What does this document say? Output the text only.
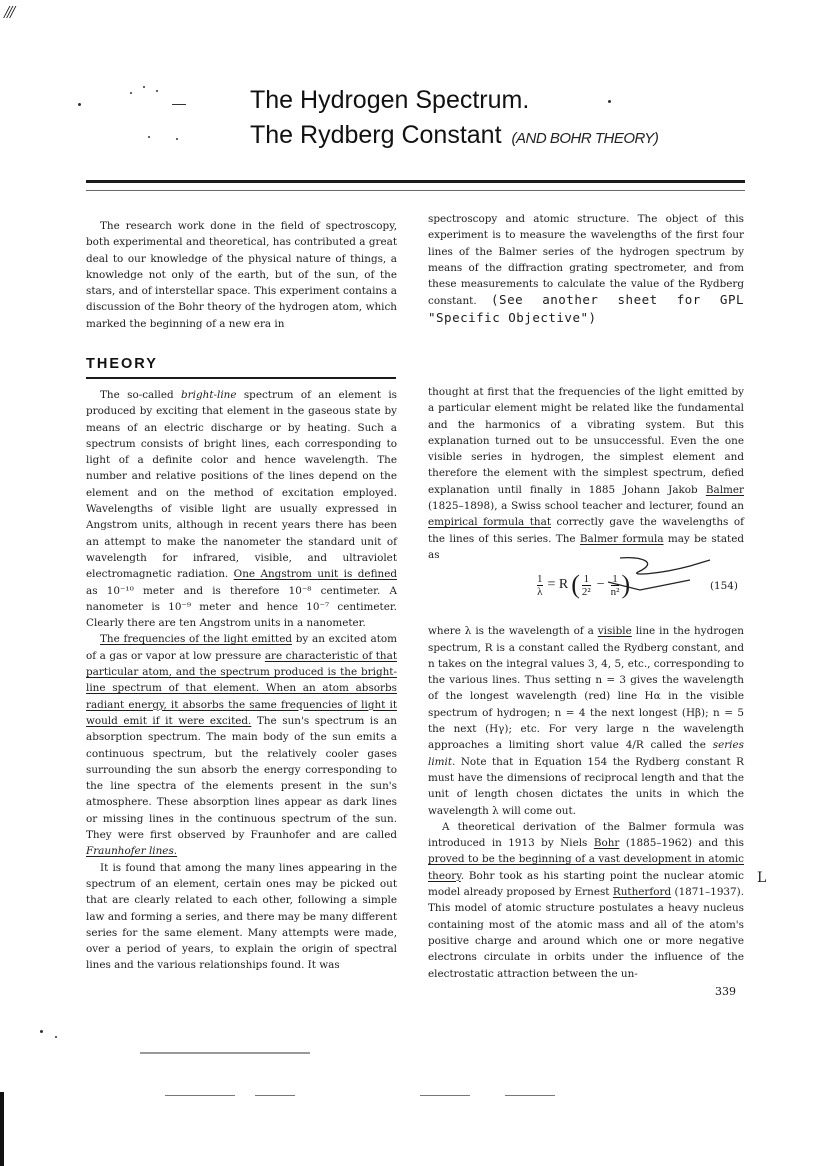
///
The Hydrogen Spectrum.
The Rydberg Constant (AND BOHR THEORY)

The research work done in the field of spectroscopy, both experimental and theoretical, has contributed a great deal to our knowledge of the physical nature of things, a knowledge not only of the earth, but of the sun, of the stars, and of interstellar space. This experiment contains a discussion of the Bohr theory of the hydrogen atom, which marked the beginning of a new era in

spectroscopy and atomic structure. The object of this experiment is to measure the wavelengths of the first four lines of the Balmer series of the hydrogen spectrum by means of the diffraction grating spectrometer, and from these measurements to calculate the value of the Rydberg constant. (See another sheet for GPL "Specific Objective")

THEORY

The so-called bright-line spectrum of an element is produced by exciting that element in the gaseous state by means of an electric discharge or by heating. Such a spectrum consists of bright lines, each corresponding to light of a definite color and hence wavelength. The number and relative positions of the lines depend on the element and on the method of excitation employed. Wavelengths of visible light are usually expressed in Angstrom units, although in recent years there has been an attempt to make the nanometer the standard unit of wavelength for infrared, visible, and ultraviolet electromagnetic radiation. One Angstrom unit is defined as 10⁻¹⁰ meter and is therefore 10⁻⁸ centimeter. A nanometer is 10⁻⁹ meter and hence 10⁻⁷ centimeter. Clearly there are ten Angstrom units in a nanometer.

The frequencies of the light emitted by an excited atom of a gas or vapor at low pressure are characteristic of that particular atom, and the spectrum produced is the bright-line spectrum of that element. When an atom absorbs radiant energy, it absorbs the same frequencies of light it would emit if it were excited. The sun's spectrum is an absorption spectrum. The main body of the sun emits a continuous spectrum, but the relatively cooler gases surrounding the sun absorb the energy corresponding to the line spectra of the elements present in the sun's atmosphere. These absorption lines appear as dark lines or missing lines in the continuous spectrum of the sun. They were first observed by Fraunhofer and are called Fraunhofer lines.

It is found that among the many lines appearing in the spectrum of an element, certain ones may be picked out that are clearly related to each other, following a simple law and forming a series, and there may be many different series for the same element. Many attempts were made, over a period of years, to explain the origin of spectral lines and the various relationships found. It was

thought at first that the frequencies of the light emitted by a particular element might be related like the fundamental and the harmonics of a vibrating system. But this explanation turned out to be unsuccessful. Even the one visible series in hydrogen, the simplest element and therefore the element with the simplest spectrum, defied explanation until finally in 1885 Johann Jakob Balmer (1825–1898), a Swiss school teacher and lecturer, found an empirical formula that correctly gave the wavelengths of the lines of this series. The Balmer formula may be stated as

where λ is the wavelength of a visible line in the hydrogen spectrum, R is a constant called the Rydberg constant, and n takes on the integral values 3, 4, 5, etc., corresponding to the various lines. Thus setting n = 3 gives the wavelength of the longest wavelength (red) line Hα in the visible spectrum of hydrogen; n = 4 the next longest (Hβ); n = 5 the next (Hγ); etc. For very large n the wavelength approaches a limiting short value 4/R called the series limit. Note that in Equation 154 the Rydberg constant R must have the dimensions of reciprocal length and that the unit of length chosen dictates the units in which the wavelength λ will come out.

A theoretical derivation of the Balmer formula was introduced in 1913 by Niels Bohr (1885–1962) and this proved to be the beginning of a vast development in atomic theory. Bohr took as his starting point the nuclear atomic model already proposed by Ernest Rutherford (1871–1937). This model of atomic structure postulates a heavy nucleus containing most of the atomic mass and all of the atom's positive charge and around which one or more negative electrons circulate in orbits under the influence of the electrostatic attraction between the un-

$\frac{1}{\lambda} = R$ ( $\frac{1}{\text{2²}} - \frac{1}{\text{n²}}$ )	(154)
L
339
